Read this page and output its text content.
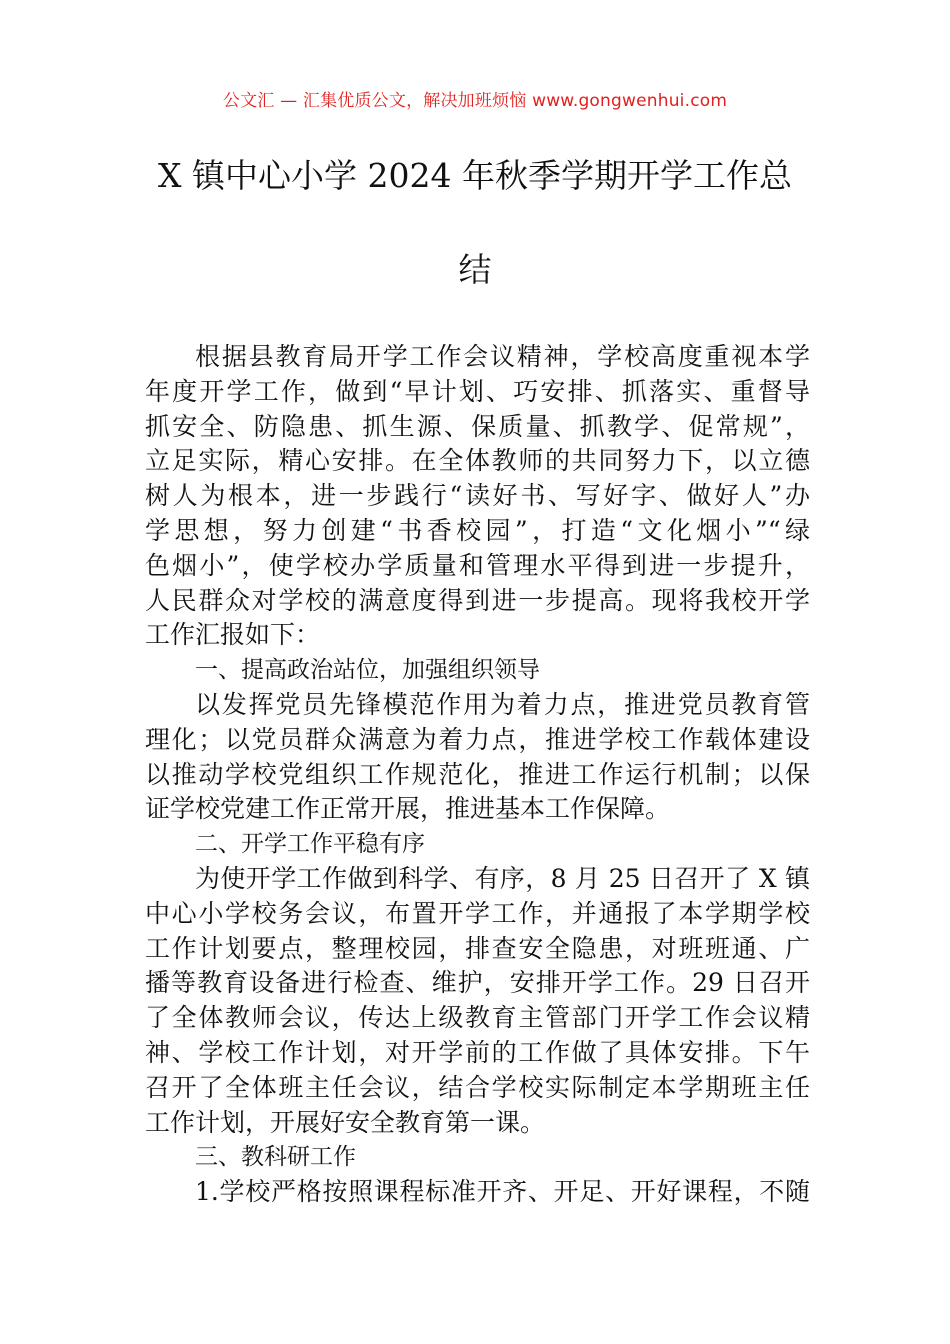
公文汇 — 汇集优质公文，解决加班烦恼 www.gongwenhui.com
X 镇中心小学 2024 年秋季学期开学工作总
结
根据县教育局开学工作会议精神，学校高度重视本学
年度开学工作，做到“早计划、巧安排、抓落实、重督导
抓安全、防隐患、抓生源、保质量、抓教学、促常规”，
立足实际，精心安排。在全体教师的共同努力下，以立德
树人为根本，进一步践行“读好书、写好字、做好人”办
学思想，努力创建“书香校园”，打造“文化烟小”“绿
色烟小”，使学校办学质量和管理水平得到进一步提升，
人民群众对学校的满意度得到进一步提高。现将我校开学
工作汇报如下：
一、提高政治站位，加强组织领导
以发挥党员先锋模范作用为着力点，推进党员教育管
理化；以党员群众满意为着力点，推进学校工作载体建设
以推动学校党组织工作规范化，推进工作运行机制；以保
证学校党建工作正常开展，推进基本工作保障。
二、开学工作平稳有序
为使开学工作做到科学、有序，8 月 25 日召开了 X 镇
中心小学校务会议，布置开学工作，并通报了本学期学校
工作计划要点，整理校园，排查安全隐患，对班班通、广
播等教育设备进行检查、维护，安排开学工作。29 日召开
了全体教师会议，传达上级教育主管部门开学工作会议精
神、学校工作计划，对开学前的工作做了具体安排。下午
召开了全体班主任会议，结合学校实际制定本学期班主任
工作计划，开展好安全教育第一课。
三、教科研工作
1.学校严格按照课程标准开齐、开足、开好课程，不随
